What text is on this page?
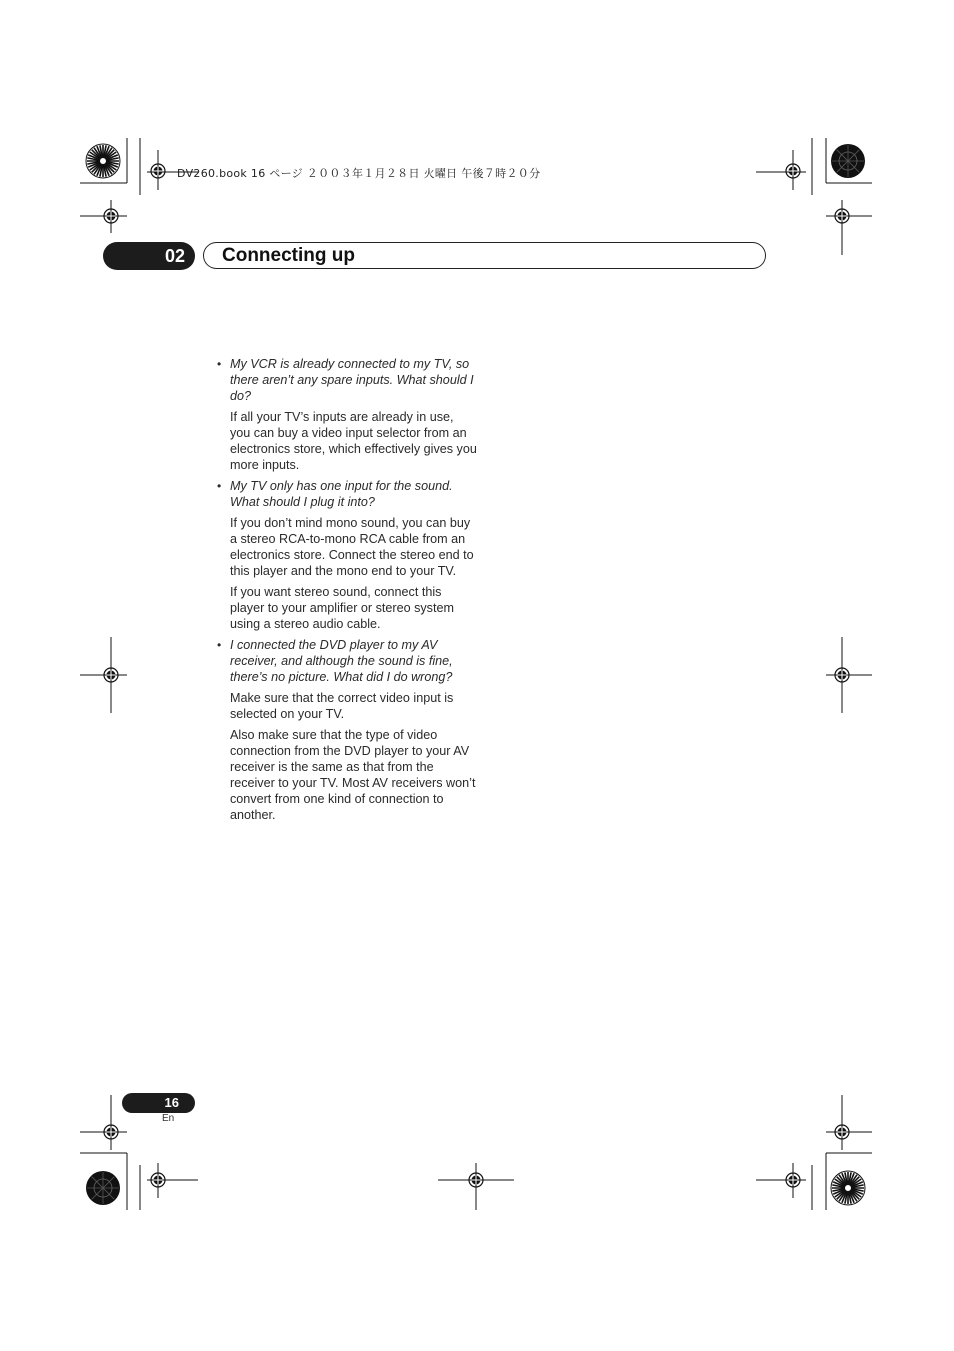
DV260.book 16 ページ ２００３年１月２８日 火曜日 午後７時２０分
02 Connecting up
• My VCR is already connected to my TV, so there aren’t any spare inputs. What should I do?

If all your TV’s inputs are already in use, you can buy a video input selector from an electronics store, which effectively gives you more inputs.

• My TV only has one input for the sound. What should I plug it into?

If you don’t mind mono sound, you can buy a stereo RCA-to-mono RCA cable from an electronics store. Connect the stereo end to this player and the mono end to your TV.

If you want stereo sound, connect this player to your amplifier or stereo system using a stereo audio cable.

• I connected the DVD player to my AV receiver, and although the sound is fine, there’s no picture. What did I do wrong?

Make sure that the correct video input is selected on your TV.

Also make sure that the type of video connection from the DVD player to your AV receiver is the same as that from the receiver to your TV. Most AV receivers won’t convert from one kind of connection to another.

16
En
